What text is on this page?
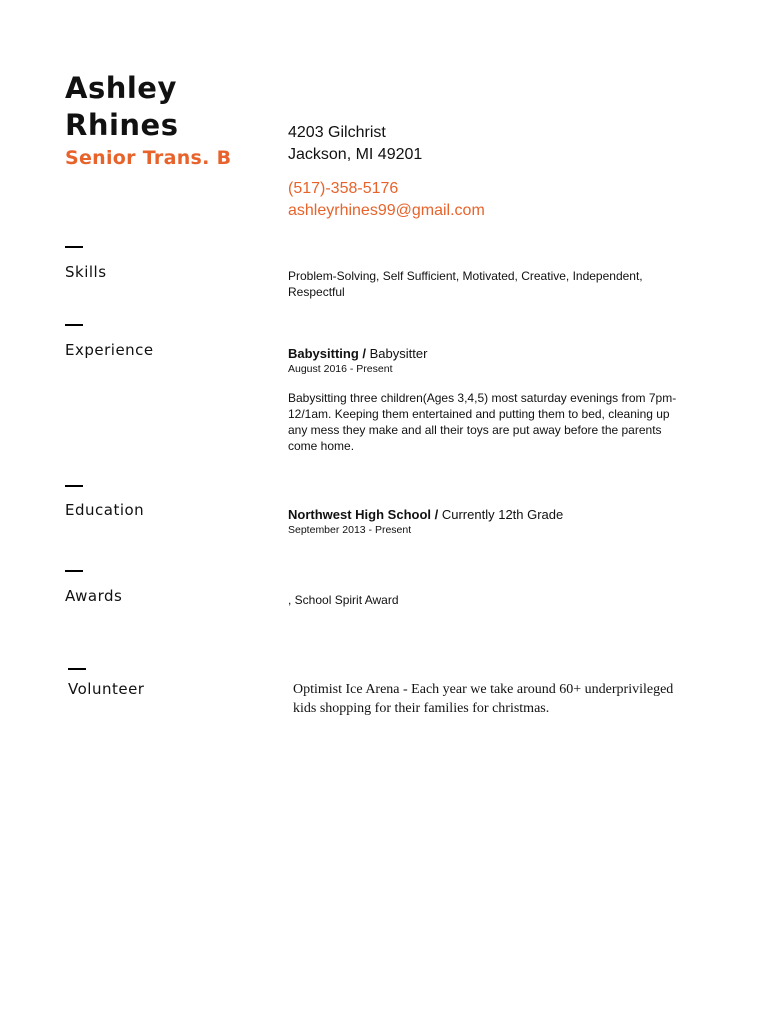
Ashley
Rhines
Senior Trans. B
4203 Gilchrist
Jackson, MI 49201
(517)-358-5176
ashleyrhines99@gmail.com
Skills	Problem-Solving, Self Sufficient, Motivated, Creative, Independent, Respectful
Experience	Babysitting / Babysitter
August 2016 - Present
Babysitting three children(Ages 3,4,5) most saturday evenings from 7pm-12/1am. Keeping them entertained and putting them to bed, cleaning up any mess they make and all their toys are put away before the parents come home.
Education	Northwest High School / Currently 12th Grade
September 2013 - Present
Awards	, School Spirit Award
Volunteer	Optimist Ice Arena - Each year we take around 60+ underprivileged kids shopping for their families for christmas.
